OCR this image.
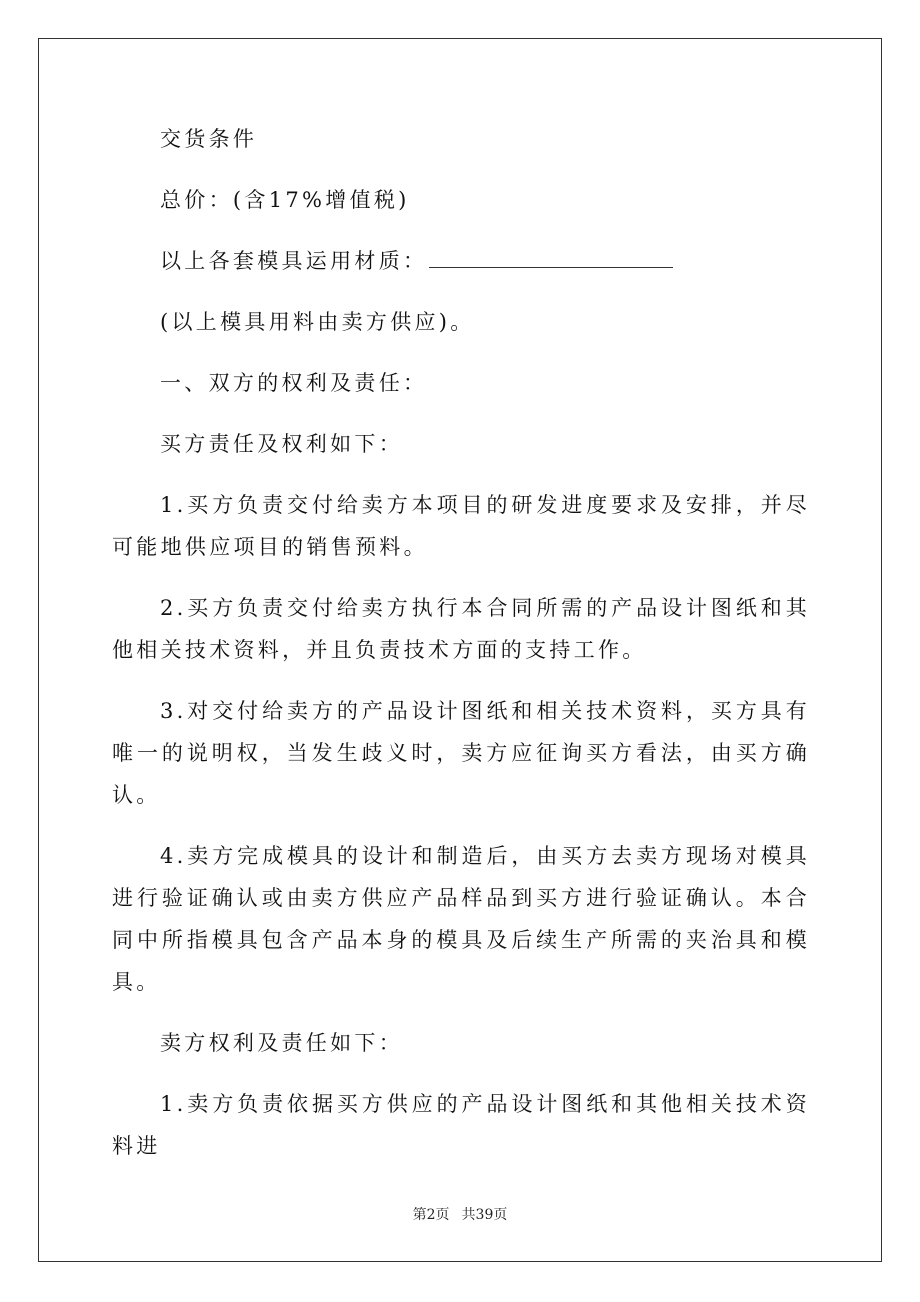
交货条件

总价：(含17%增值税)

以上各套模具运用材质：

(以上模具用料由卖方供应)。

一、双方的权利及责任：

买方责任及权利如下：

1.买方负责交付给卖方本项目的研发进度要求及安排，并尽可能地供应项目的销售预料。

2.买方负责交付给卖方执行本合同所需的产品设计图纸和其他相关技术资料，并且负责技术方面的支持工作。

3.对交付给卖方的产品设计图纸和相关技术资料，买方具有唯一的说明权，当发生歧义时，卖方应征询买方看法，由买方确认。

4.卖方完成模具的设计和制造后，由买方去卖方现场对模具进行验证确认或由卖方供应产品样品到买方进行验证确认。本合同中所指模具包含产品本身的模具及后续生产所需的夹治具和模具。

卖方权利及责任如下：

1.卖方负责依据买方供应的产品设计图纸和其他相关技术资料进

第2页 共39页
